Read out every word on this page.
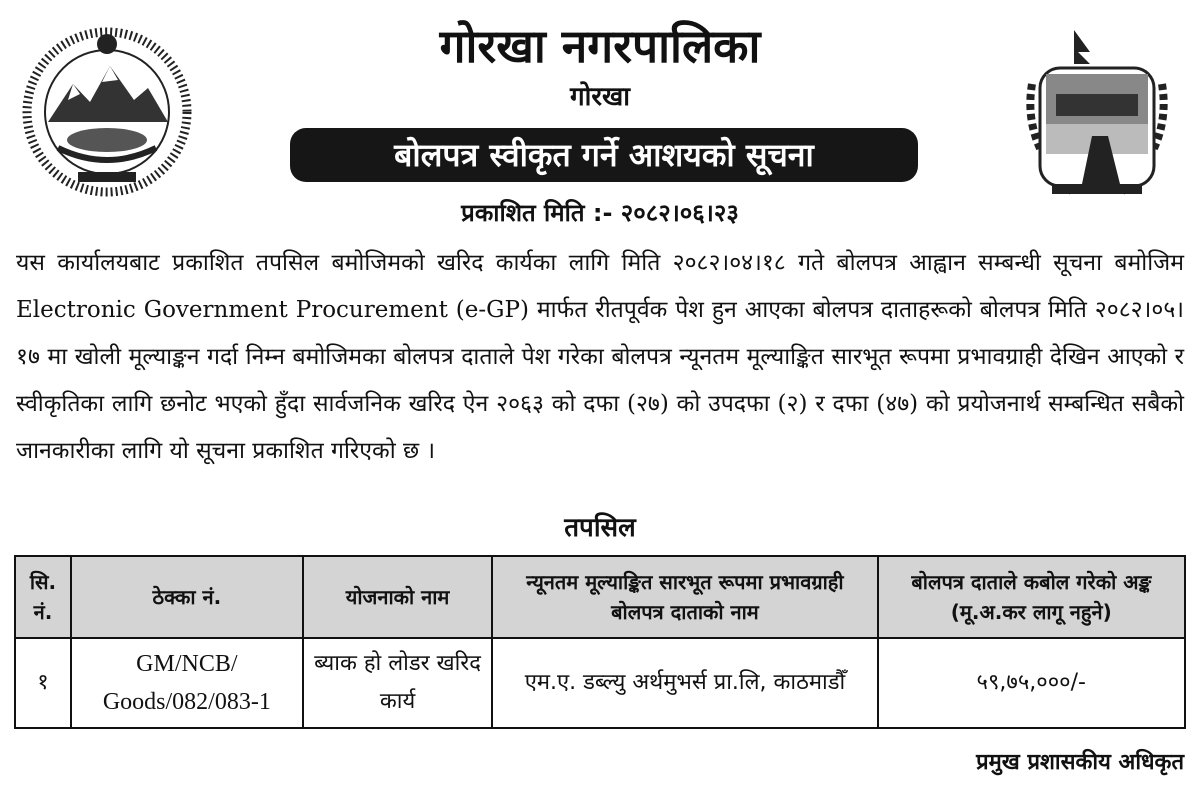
गोरखा नगरपालिका
गोरखा
बोलपत्र स्वीकृत गर्ने आशयको सूचना
प्रकाशित मिति :- २०८२।०६।२३
यस कार्यालयबाट प्रकाशित तपसिल बमोजिमको खरिद कार्यका लागि मिति २०८२।०४।१८ गते बोलपत्र आह्वान सम्बन्धी सूचना बमोजिम Electronic Government Procurement (e-GP) मार्फत रीतपूर्वक पेश हुन आएका बोलपत्र दाताहरूको बोलपत्र मिति २०८२।०५।१७ मा खोली मूल्याङ्कन गर्दा निम्न बमोजिमका बोलपत्र दाताले पेश गरेका बोलपत्र न्यूनतम मूल्याङ्कित सारभूत रूपमा प्रभावग्राही देखिन आएको र स्वीकृतिका लागि छनोट भएको हुँदा सार्वजनिक खरिद ऐन २०६३ को दफा (२७) को उपदफा (२) र दफा (४७) को प्रयोजनार्थ सम्बन्धित सबैको जानकारीका लागि यो सूचना प्रकाशित गरिएको छ ।
तपसिल
सि. नं.	ठेक्का नं.	योजनाको नाम	न्यूनतम मूल्याङ्कित सारभूत रूपमा प्रभावग्राही बोलपत्र दाताको नाम	बोलपत्र दाताले कबोल गरेको अङ्क (मू.अ.कर लागू नहुने)
१	GM/NCB/ Goods/082/083-1	ब्याक हो लोडर खरिद कार्य	एम.ए. डब्ल्यु अर्थमुभर्स प्रा.लि, काठमाडौँ	५९,७५,०००/-
प्रमुख प्रशासकीय अधिकृत
